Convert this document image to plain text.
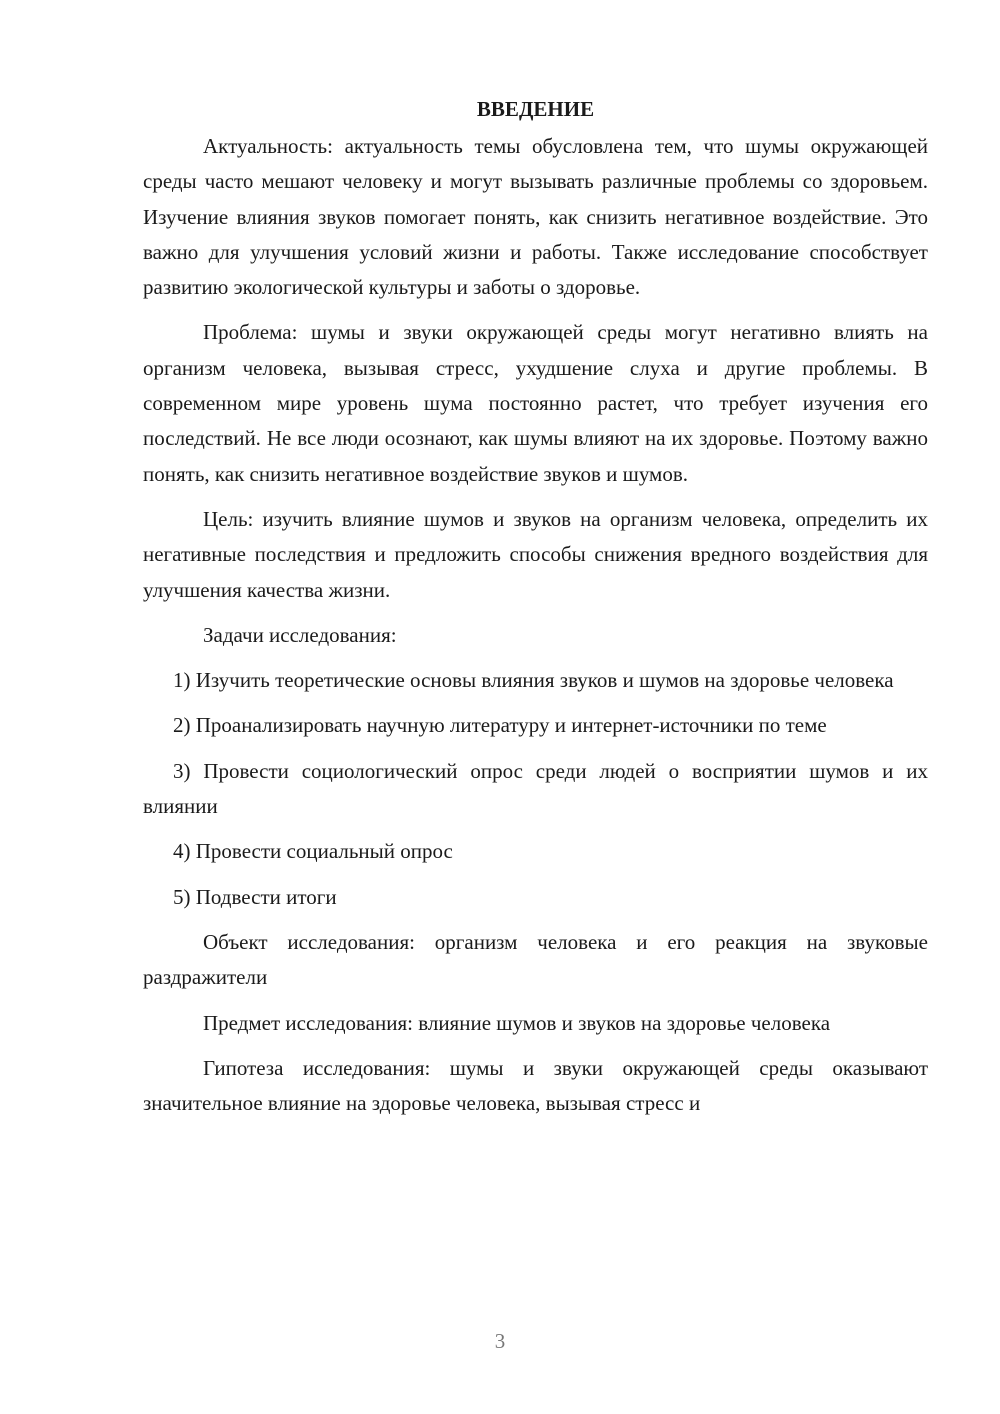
ВВЕДЕНИЕ

Актуальность: актуальность темы обусловлена тем, что шумы окружающей среды часто мешают человеку и могут вызывать различные проблемы со здоровьем. Изучение влияния звуков помогает понять, как снизить негативное воздействие. Это важно для улучшения условий жизни и работы. Также исследование способствует развитию экологической культуры и заботы о здоровье.

Проблема: шумы и звуки окружающей среды могут негативно влиять на организм человека, вызывая стресс, ухудшение слуха и другие проблемы. В современном мире уровень шума постоянно растет, что требует изучения его последствий. Не все люди осознают, как шумы влияют на их здоровье. Поэтому важно понять, как снизить негативное воздействие звуков и шумов.

Цель: изучить влияние шумов и звуков на организм человека, определить их негативные последствия и предложить способы снижения вредного воздействия для улучшения качества жизни.

Задачи исследования:

1) Изучить теоретические основы влияния звуков и шумов на здоровье человека

2) Проанализировать научную литературу и интернет-источники по теме

3) Провести социологический опрос среди людей о восприятии шумов и их влиянии

4) Провести социальный опрос

5) Подвести итоги

Объект исследования: организм человека и его реакция на звуковые раздражители

Предмет исследования: влияние шумов и звуков на здоровье человека

Гипотеза исследования: шумы и звуки окружающей среды оказывают значительное влияние на здоровье человека, вызывая стресс и

3
